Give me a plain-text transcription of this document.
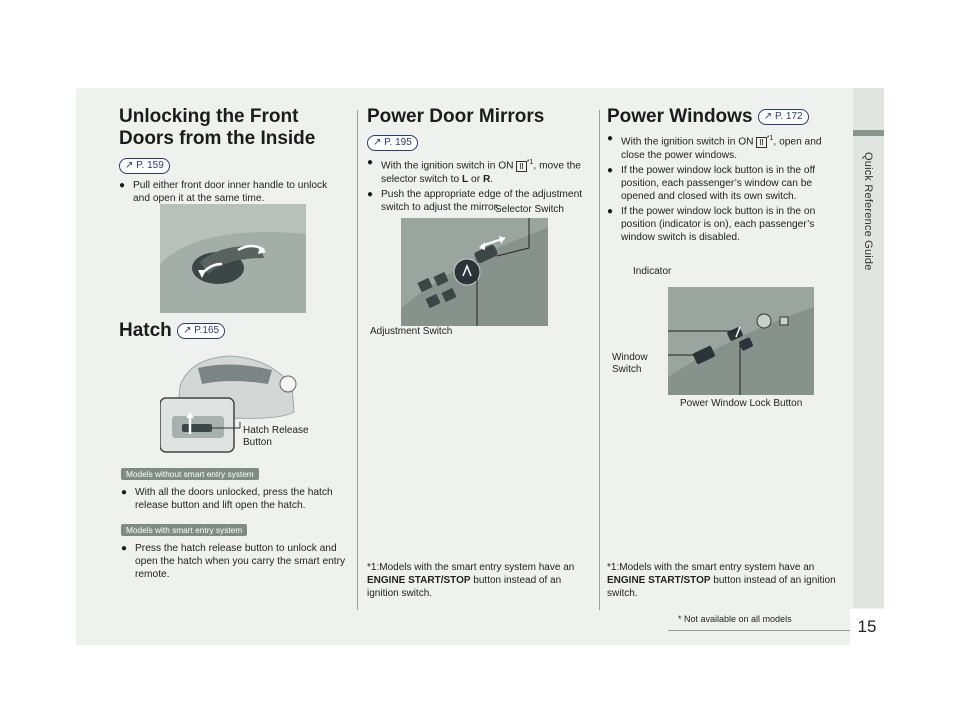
Quick Reference Guide
15
* Not available on all models
Unlocking the Front
Doors from the Inside
↗ P. 159
● Pull either front door inner handle to unlock and open it at the same time.
Hatch ↗ P.165
Hatch Release
Button
Models without smart entry system
● With all the doors unlocked, press the hatch release button and lift open the hatch.
Models with smart entry system
● Press the hatch release button to unlock and open the hatch when you carry the smart entry remote.
Power Door Mirrors
↗ P. 195
● With the ignition switch in ON II $^{*1}$, move the selector switch to L or R.
● Push the appropriate edge of the adjustment switch to adjust the mirror.
Selector Switch
Adjustment Switch
*1:Models with the smart entry system have an ENGINE START/STOP button instead of an ignition switch.
Power Windows ↗ P. 172
● With the ignition switch in ON II $^{*1}$, open and close the power windows.
● If the power window lock button is in the off position, each passenger’s window can be opened and closed with its own switch.
● If the power window lock button is in the on position (indicator is on), each passenger’s window switch is disabled.
Indicator
Window
Switch
Power Window Lock Button
*1:Models with the smart entry system have an ENGINE START/STOP button instead of an ignition switch.
